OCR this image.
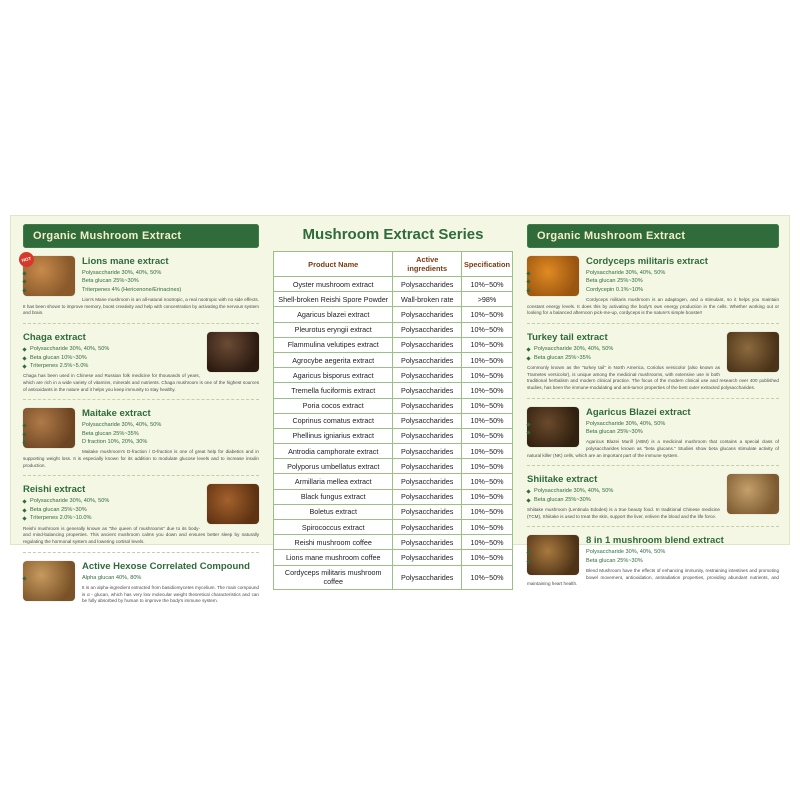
Organic Mushroom Extract
HOT	Lions mane extract
Polysaccharide 30%, 40%, 50%
Beta glucan 25%~30%
Triterpenes 4% (Hericenone/Erinacines)

Lion's Mane mushroom is an all-natural nootropic, a real nootropic with no side effects. It has been shown to improve memory, boost creativity and help with concentration by activating the nervous system and brain.

Chaga extract
Polysaccharide 30%, 40%, 50%
Beta glucan 10%~30%
Triterpenes 2.5%~5.0%

Chaga has been used in Chinese and Russian folk medicine for thousands of years, which are rich in a wide variety of vitamins, minerals and nutrients. Chaga mushroom is one of the highest sources of antioxidants in the nature and it helps you keep immunity to stay healthy.

Maitake extract
Polysaccharide 30%, 40%, 50%
Beta glucan 25%~35%
D fraction 10%, 20%, 30%

Maitake mushroom's D-fraction / D-fraction is one of great help for diabetics and in supporting weight loss. It is especially known for its addition to modulate glucose levels and to increase insulin production.

Reishi extract
Polysaccharide 30%, 40%, 50%
Beta glucan 25%~30%
Triterpenes 2.0%~10.0%

Reishi mushroom is generally known as "the queen of mushrooms" due to its body- and mind-balancing properties. This ancient mushroom calms you down and ensures better sleep by naturally regulating the hormonal system and lowering cortisol levels.

Active Hexose Correlated Compound
Alpha glucan 40%, 80%

It is an alpha-ingredient extracted from basidiomycetes mycelium. The main compound is α - glucan, which has very low molecular weight theoretical characteristics and can be fully absorbed by human to improve the body's immune system.

Mushroom Extract Series
Product Name	Active ingredients	Specification
Oyster mushroom extract	Polysaccharides	10%~50%
Shell-broken Reishi Spore Powder	Wall-broken rate	>98%
Agaricus blazei extract	Polysaccharides	10%~50%
Pleurotus eryngii extract	Polysaccharides	10%~50%
Flammulina velutipes extract	Polysaccharides	10%~50%
Agrocybe aegerita extract	Polysaccharides	10%~50%
Agaricus bisporus extract	Polysaccharides	10%~50%
Tremella fuciformis extract	Polysaccharides	10%~50%
Poria cocos extract	Polysaccharides	10%~50%
Coprinus comatus extract	Polysaccharides	10%~50%
Phellinus igniarius extract	Polysaccharides	10%~50%
Antrodia camphorate extract	Polysaccharides	10%~50%
Polyporus umbellatus extract	Polysaccharides	10%~50%
Armillaria mellea extract	Polysaccharides	10%~50%
Black fungus extract	Polysaccharides	10%~50%
Boletus extract	Polysaccharides	10%~50%
Spirococcus extract	Polysaccharides	10%~50%
Reishi mushroom coffee	Polysaccharides	10%~50%
Lions mane mushroom coffee	Polysaccharides	10%~50%
Cordyceps militaris mushroom coffee	Polysaccharides	10%~50%
Organic Mushroom Extract
Cordyceps militaris extract
Polysaccharide 30%, 40%, 50%
Beta glucan 25%~30%
Cordycepin 0.1%~10%

Cordyceps militaris mushroom is an adaptogen, and a stimulant, so it helps you maintain constant energy levels. It does this by activating the body's own energy production in the cells. Whether working out or looking for a balanced afternoon pick-me-up, cordyceps is the nature's simple booster!

Turkey tail extract
Polysaccharide 30%, 40%, 50%
Beta glucan 25%~35%

Commonly known as the "turkey tail" in North America, Coriolus versicolor (also known as Trametes versicolor), is unique among the medicinal mushrooms, with extensive use in both traditional herbalism and modern clinical practice. The focus of the modern clinical use and research over 400 published studies, has been the immune-modulating and anti-tumor properties of the best outer extracted polysaccharides.

Agaricus Blazei extract
Polysaccharide 30%, 40%, 50%
Beta glucan 25%~30%

Agaricus Blazei Murill (ABM) is a medicinal mushroom that contains a special class of polysaccharides known as "beta glucans." Studies show beta glucans stimulate activity of natural killer (NK) cells, which are an important part of the immune system.

Shiitake extract
Polysaccharide 30%, 40%, 50%
Beta glucan 25%~30%

Shiitake mushroom (Lentinula Edodes) is a true beauty food. In traditional Chinese medicine (TCM), Shiitake is used to treat the skin, support the liver, enliven the blood and the life force.

8 in 1 mushroom blend extract
Polysaccharide 30%, 40%, 50%
Beta glucan 25%~30%

Blend Mushroom have the effects of enhancing immunity, restraining intestines and promoting bowel movement, antioxidation, antiradiation properties, providing abundant nutrients, and maintaining heart health.
